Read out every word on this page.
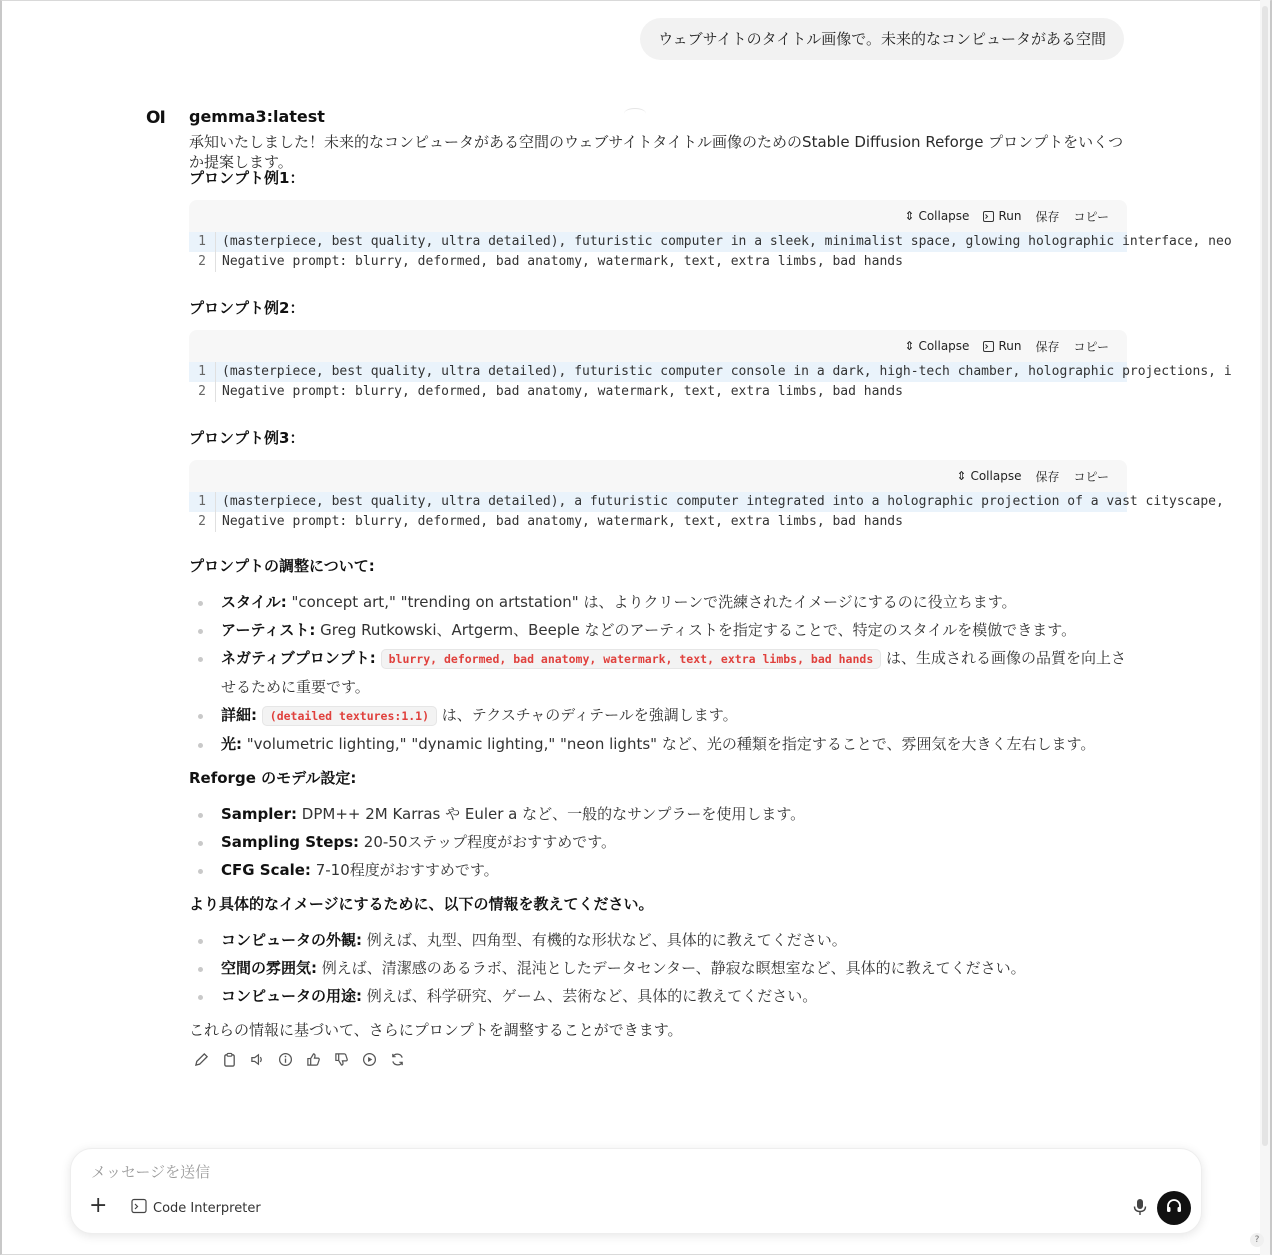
ウェブサイトのタイトル画像で。未来的なコンピュータがある空間
OI gemma3:latest

承知いたしました！未来的なコンピュータがある空間のウェブサイトタイトル画像のためのStable Diffusion Reforge プロンプトをいくつか提案します。

プロンプト例1：

⇕ Collapse Run 保存 コピー
1	(masterpiece, best quality, ultra detailed), futuristic computer in a sleek, minimalist space, glowing holographic interface, neo
2	Negative prompt: blurry, deformed, bad anatomy, watermark, text, extra limbs, bad hands

プロンプト例2：

⇕ Collapse Run 保存 コピー
1	(masterpiece, best quality, ultra detailed), futuristic computer console in a dark, high-tech chamber, holographic projections, i
2	Negative prompt: blurry, deformed, bad anatomy, watermark, text, extra limbs, bad hands

プロンプト例3：

⇕ Collapse 保存 コピー
1	(masterpiece, best quality, ultra detailed), a futuristic computer integrated into a holographic projection of a vast cityscape,
2	Negative prompt: blurry, deformed, bad anatomy, watermark, text, extra limbs, bad hands

プロンプトの調整について:

スタイル: "concept art," "trending on artstation" は、よりクリーンで洗練されたイメージにするのに役立ちます。
アーティスト: Greg Rutkowski、Artgerm、Beeple などのアーティストを指定することで、特定のスタイルを模倣できます。
ネガティブプロンプト: blurry, deformed, bad anatomy, watermark, text, extra limbs, bad hands は、生成される画像の品質を向上させるために重要です。
詳細: (detailed textures:1.1) は、テクスチャのディテールを強調します。
光: "volumetric lighting," "dynamic lighting," "neon lights" など、光の種類を指定することで、雰囲気を大きく左右します。

Reforge のモデル設定:

Sampler: DPM++ 2M Karras や Euler a など、一般的なサンプラーを使用します。
Sampling Steps: 20-50ステップ程度がおすすめです。
CFG Scale: 7-10程度がおすすめです。

より具体的なイメージにするために、以下の情報を教えてください。

コンピュータの外観: 例えば、丸型、四角型、有機的な形状など、具体的に教えてください。
空間の雰囲気: 例えば、清潔感のあるラボ、混沌としたデータセンター、静寂な瞑想室など、具体的に教えてください。
コンピュータの用途: 例えば、科学研究、ゲーム、芸術など、具体的に教えてください。

これらの情報に基づいて、さらにプロンプトを調整することができます。

メッセージを送信
+	Code Interpreter
?
